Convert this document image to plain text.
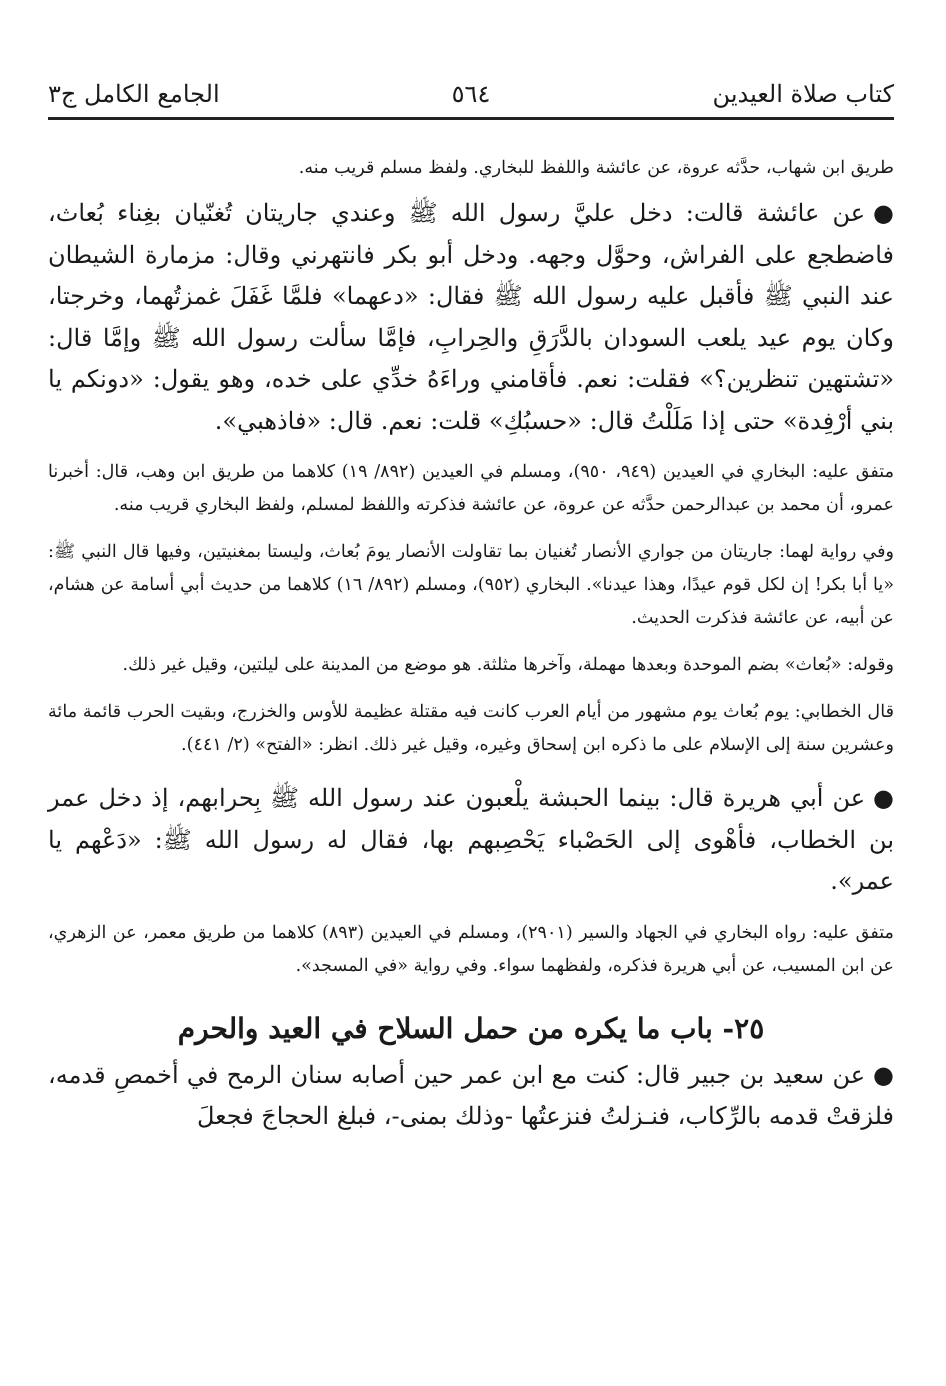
كتاب صلاة العيدين
٥٦٤
الجامع الكامل ج٣
طريق ابن شهاب، حدَّثه عروة، عن عائشة واللفظ للبخاري. ولفظ مسلم قريب منه.
●عن عائشة قالت: دخل عليَّ رسول الله ﷺ وعندي جاريتان تُغنّيان بغِناء بُعاث، فاضطجع على الفراش، وحوَّل وجهه. ودخل أبو بكر فانتهرني وقال: مزمارة الشيطان عند النبي ﷺ فأقبل عليه رسول الله ﷺ فقال: «دعهما» فلمَّا غَفَلَ غمزتُهما، وخرجتا، وكان يوم عيد يلعب السودان بالدَّرَقِ والحِرابِ، فإمَّا سألت رسول الله ﷺ وإمَّا قال: «تشتهين تنظرين؟» فقلت: نعم. فأقامني وراءَهُ خدِّي على خده، وهو يقول: «دونكم يا بني أرْفِدة» حتى إذا مَلَلْتُ قال: «حسبُكِ» قلت: نعم. قال: «فاذهبي».
متفق عليه: البخاري في العيدين (٩٤٩، ٩٥٠)، ومسلم في العيدين (٨٩٢/ ١٩) كلاهما من طريق ابن وهب، قال: أخبرنا عمرو، أن محمد بن عبدالرحمن حدَّثه عن عروة، عن عائشة فذكرته واللفظ لمسلم، ولفظ البخاري قريب منه.
وفي رواية لهما: جاريتان من جواري الأنصار تُغنيان بما تقاولت الأنصار يومَ بُعاث، وليستا بمغنيتين، وفيها قال النبي ﷺ: «يا أبا بكر! إن لكل قوم عيدًا، وهذا عيدنا». البخاري (٩٥٢)، ومسلم (٨٩٢/ ١٦) كلاهما من حديث أبي أسامة عن هشام، عن أبيه، عن عائشة فذكرت الحديث.
وقوله: «بُعاث» بضم الموحدة وبعدها مهملة، وآخرها مثلثة. هو موضع من المدينة على ليلتين، وقيل غير ذلك.
قال الخطابي: يوم بُعاث يوم مشهور من أيام العرب كانت فيه مقتلة عظيمة للأوس والخزرج، وبقيت الحرب قائمة مائة وعشرين سنة إلى الإسلام على ما ذكره ابن إسحاق وغيره، وقيل غير ذلك. انظر: «الفتح» (٢/ ٤٤١).
●عن أبي هريرة قال: بينما الحبشة يلْعبون عند رسول الله ﷺ بِحرابهم، إذ دخل عمر بن الخطاب، فأهْوى إلى الحَصْباء يَحْصِبهم بها، فقال له رسول الله ﷺ: «دَعْهم يا عمر».
متفق عليه: رواه البخاري في الجهاد والسير (٢٩٠١)، ومسلم في العيدين (٨٩٣) كلاهما من طريق معمر، عن الزهري، عن ابن المسيب، عن أبي هريرة فذكره، ولفظهما سواء. وفي رواية «في المسجد».
٢٥- باب ما يكره من حمل السلاح في العيد والحرم
●عن سعيد بن جبير قال: كنت مع ابن عمر حين أصابه سنان الرمح في أخمصِ قدمه، فلزقتْ قدمه بالرِّكاب، فنـزلتُ فنزعتُها -وذلك بمنى-، فبلغ الحجاجَ فجعلَ
